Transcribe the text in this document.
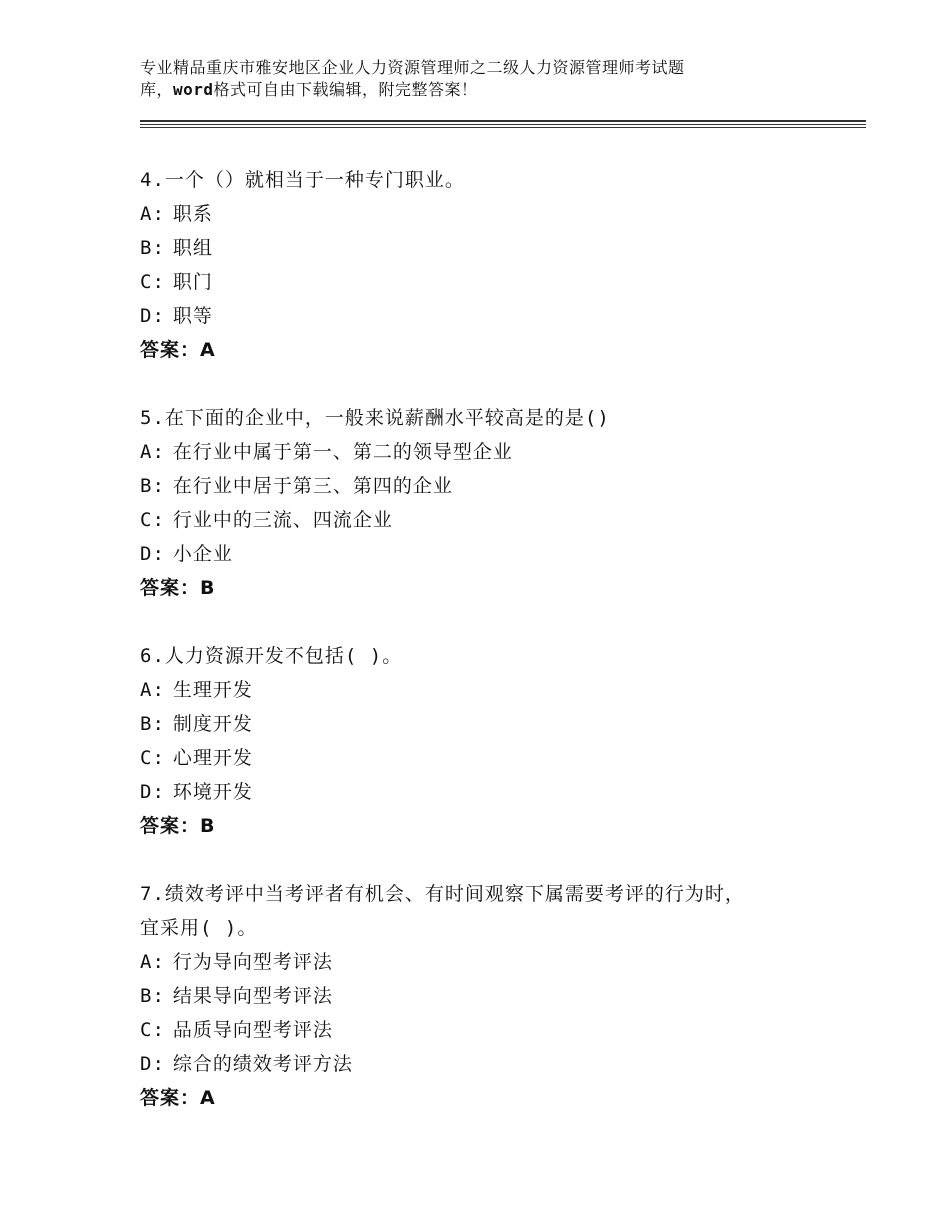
专业精品重庆市雅安地区企业人力资源管理师之二级人力资源管理师考试题
库，word格式可自由下载编辑，附完整答案！
4.一个（）就相当于一种专门职业。
A: 职系
B: 职组
C: 职门
D: 职等
答案：A
5.在下面的企业中，一般来说薪酬水平较高是的是()
A: 在行业中属于第一、第二的领导型企业
B: 在行业中居于第三、第四的企业
C: 行业中的三流、四流企业
D: 小企业
答案：B
6.人力资源开发不包括( )。
A: 生理开发
B: 制度开发
C: 心理开发
D: 环境开发
答案：B
7.绩效考评中当考评者有机会、有时间观察下属需要考评的行为时，
宜采用( )。
A: 行为导向型考评法
B: 结果导向型考评法
C: 品质导向型考评法
D: 综合的绩效考评方法
答案：A
